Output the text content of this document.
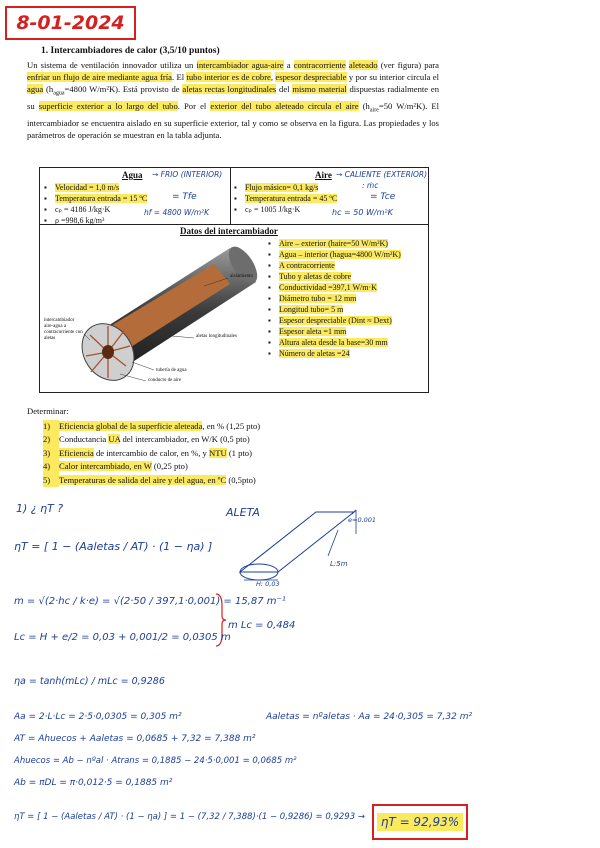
8-01-2024
1. Intercambiadores de calor (3,5/10 puntos)
Un sistema de ventilación innovador utiliza un intercambiador agua-aire a contracorriente aleteado (ver figura) para enfriar un flujo de aire mediante agua fría. El tubo interior es de cobre, espesor despreciable y por su interior circula el agua ($h_{agua}=4800$ W/m²K). Está provisto de aletas rectas longitudinales del mismo material dispuestas radialmente en su superficie exterior a lo largo del tubo. Por el exterior del tubo aleteado circula el aire ($h_{aire}=50$ W/m²K). El intercambiador se encuentra aislado en su superficie exterior, tal y como se observa en la figura. Las propiedades y los parámetros de operación se muestran en la tabla adjunta.
Agua → FRIO (INTERIOR)
▪ Velocidad = 1,0 m/s
▪ Temperatura entrada = 15 ºC
▪ cₚ = 4186 J/kg·K
▪ ρ =998,6 kg/m³
= Tfe
hf = 4800 W/m²K
Aire → CALIENTE (EXTERIOR)
▪ Flujo másico= 0,1 kg/s
▪ Temperatura entrada = 45 ºC
▪ cₚ = 1005 J/kg·K
: ṁc
= Tce
hc = 50 W/m²K
Datos del intercambiador
▪ Aire – exterior (haire=50 W/m²K)
▪ Agua – interior (hagua=4800 W/m²K)
▪ A contracorriente
▪ Tubo y aletas de cobre
▪ Conductividad =397,1 W/m·K
▪ Diámetro tubo = 12 mm
▪ Longitud tubo= 5 m
▪ Espesor despreciable (Dint ≈ Dext)
▪ Espesor aleta =1 mm
▪ Altura aleta desde la base=30 mm
▪ Número de aletas =24
intercambiador aire-agua a contracorriente con aletas
aislamiento
aletas longitudinales
tubería de agua
conducto de aire
Determinar:
1) Eficiencia global de la superficie aleteada, en % (1,25 pto)
2) Conductancia UA del intercambiador, en W/K (0,5 pto)
3) Eficiencia de intercambio de calor, en %, y NTU (1 pto)
4) Calor intercambiado, en W (0,25 pto)
5) Temperaturas de salida del aire y del agua, en ºC (0,5pto)
1) ¿ ηT ?	ALETA
e=0,001
L:5m
H: 0,03
ηT = [ 1 − (Aaletas / AT) · (1 − ηa) ]
m = √(2·hc / k·e) = √(2·50 / 397,1·0,001) = 15,87 m⁻¹
m Lc = 0,484
Lc = H + e/2 = 0,03 + 0,001/2 = 0,0305 m
ηa = tanh(mLc) / mLc = 0,9286
Aa = 2·L·Lc = 2·5·0,0305 = 0,305 m²	Aaletas = nºaletas · Aa = 24·0,305 = 7,32 m²
AT = Ahuecos + Aaletas = 0,0685 + 7,32 = 7,388 m²
Ahuecos = Ab − nºal · Atrans = 0,1885 − 24·5·0,001 = 0,0685 m²
Ab = πDL = π·0,012·5 = 0,1885 m²
ηT = [ 1 − (Aaletas / AT) · (1 − ηa) ] = 1 − (7,32 / 7,388)·(1 − 0,9286) = 0,9293 →	ηT = 92,93%
